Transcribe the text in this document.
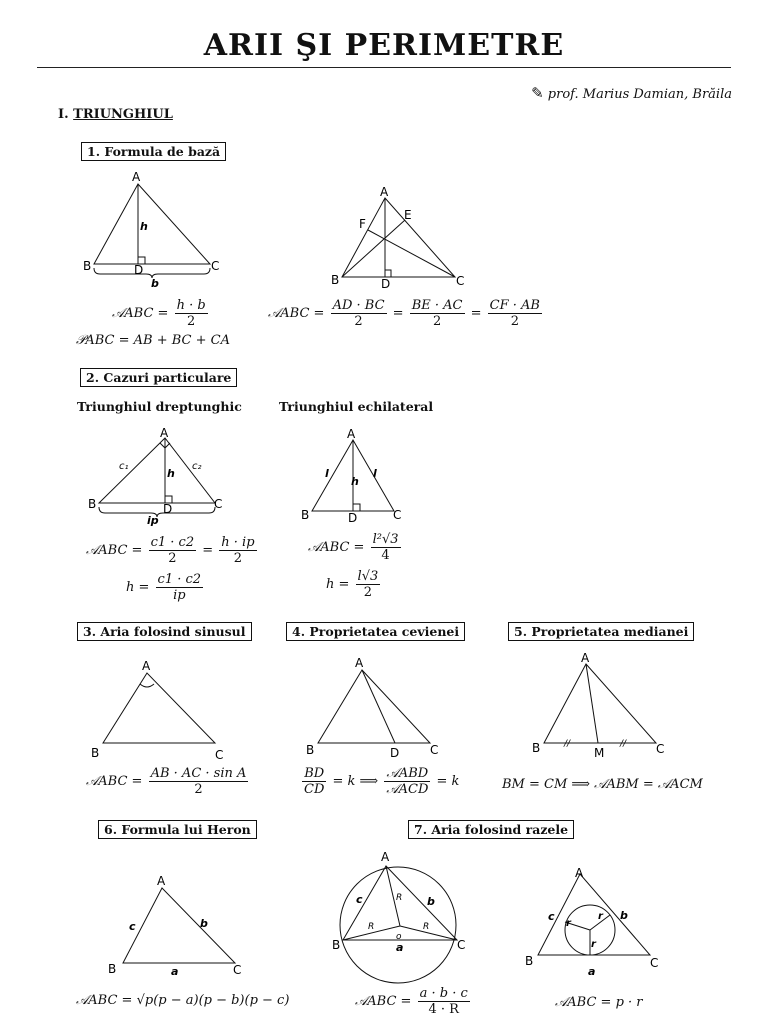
ARII ŞI PERIMETRE
✎ prof. Marius Damian, Brăila
I. TRIUNGHIUL
1. Formula de bază
A
B	C
D
h
b
A
B	C
D
E
F
𝒜ABC = $\frac{h \cdot b}{2}$
𝒫ABC = AB + BC + CA
𝒜ABC = $\frac{AD \cdot BC}{2} = \frac{BE \cdot AC}{2} = \frac{CF \cdot AB}{2}$
2. Cazuri particulare
Triunghiul dreptunghic	Triunghiul echilateral
A
B	C
D
h
c₁	c₂
ip
A
B	C
D
l	l
h
𝒜ABC = $\frac{c1 \cdot c2}{2} = \frac{h \cdot ip}{2}$
$h = \frac{c1 \cdot c2}{ip}$
𝒜ABC = $\frac{\text{l²√3}}{4}$
$h = \frac{l√3}{2}$
3. Aria folosind sinusul	4. Proprietatea cevienei	5. Proprietatea medianei
A
B	C
A
B	C
D
//	//
A
B	C
M
𝒜ABC = $\frac{\text{AB · AC · sin A}}{2}$	$\frac{BD}{CD} = k$ ⟹ $\frac{\text{𝒜ABD}}{\text{𝒜ACD}} = k$	BM = CM ⟹ 𝒜ABM = 𝒜ACM
6. Formula lui Heron	7. Aria folosind razele
A
B	C
c	b
a
A
B	C
o
c	b
a
R
R	R
A
B	C
c	b
a
r
r
r
𝒜ABC = √p(p − a)(p − b)(p − c)	𝒜ABC = $\frac{a \cdot b \cdot c}{4 \cdot R}$	𝒜ABC = p · r
